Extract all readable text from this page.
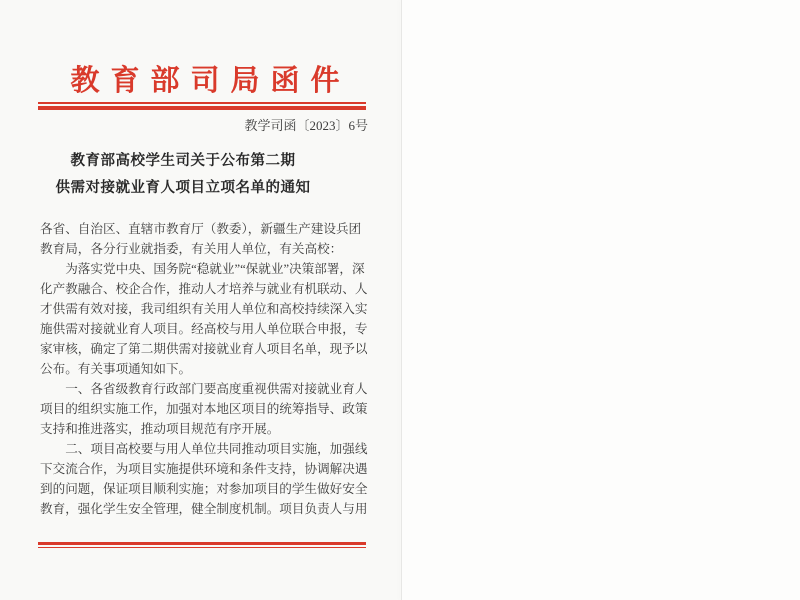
教育部司局函件
教学司函〔2023〕6号
教育部高校学生司关于公布第二期
供需对接就业育人项目立项名单的通知
各省、自治区、直辖市教育厅（教委），新疆生产建设兵团
教育局，各分行业就指委，有关用人单位，有关高校：
为落实党中央、国务院“稳就业”“保就业”决策部署，深
化产教融合、校企合作，推动人才培养与就业有机联动、人
才供需有效对接，我司组织有关用人单位和高校持续深入实
施供需对接就业育人项目。经高校与用人单位联合申报，专
家审核，确定了第二期供需对接就业育人项目名单，现予以
公布。有关事项通知如下。
一、各省级教育行政部门要高度重视供需对接就业育人
项目的组织实施工作，加强对本地区项目的统筹指导、政策
支持和推进落实，推动项目规范有序开展。
二、项目高校要与用人单位共同推动项目实施，加强线
下交流合作，为项目实施提供环境和条件支持，协调解决遇
到的问题，保证项目顺利实施；对参加项目的学生做好安全
教育，强化学生安全管理，健全制度机制。项目负责人与用
